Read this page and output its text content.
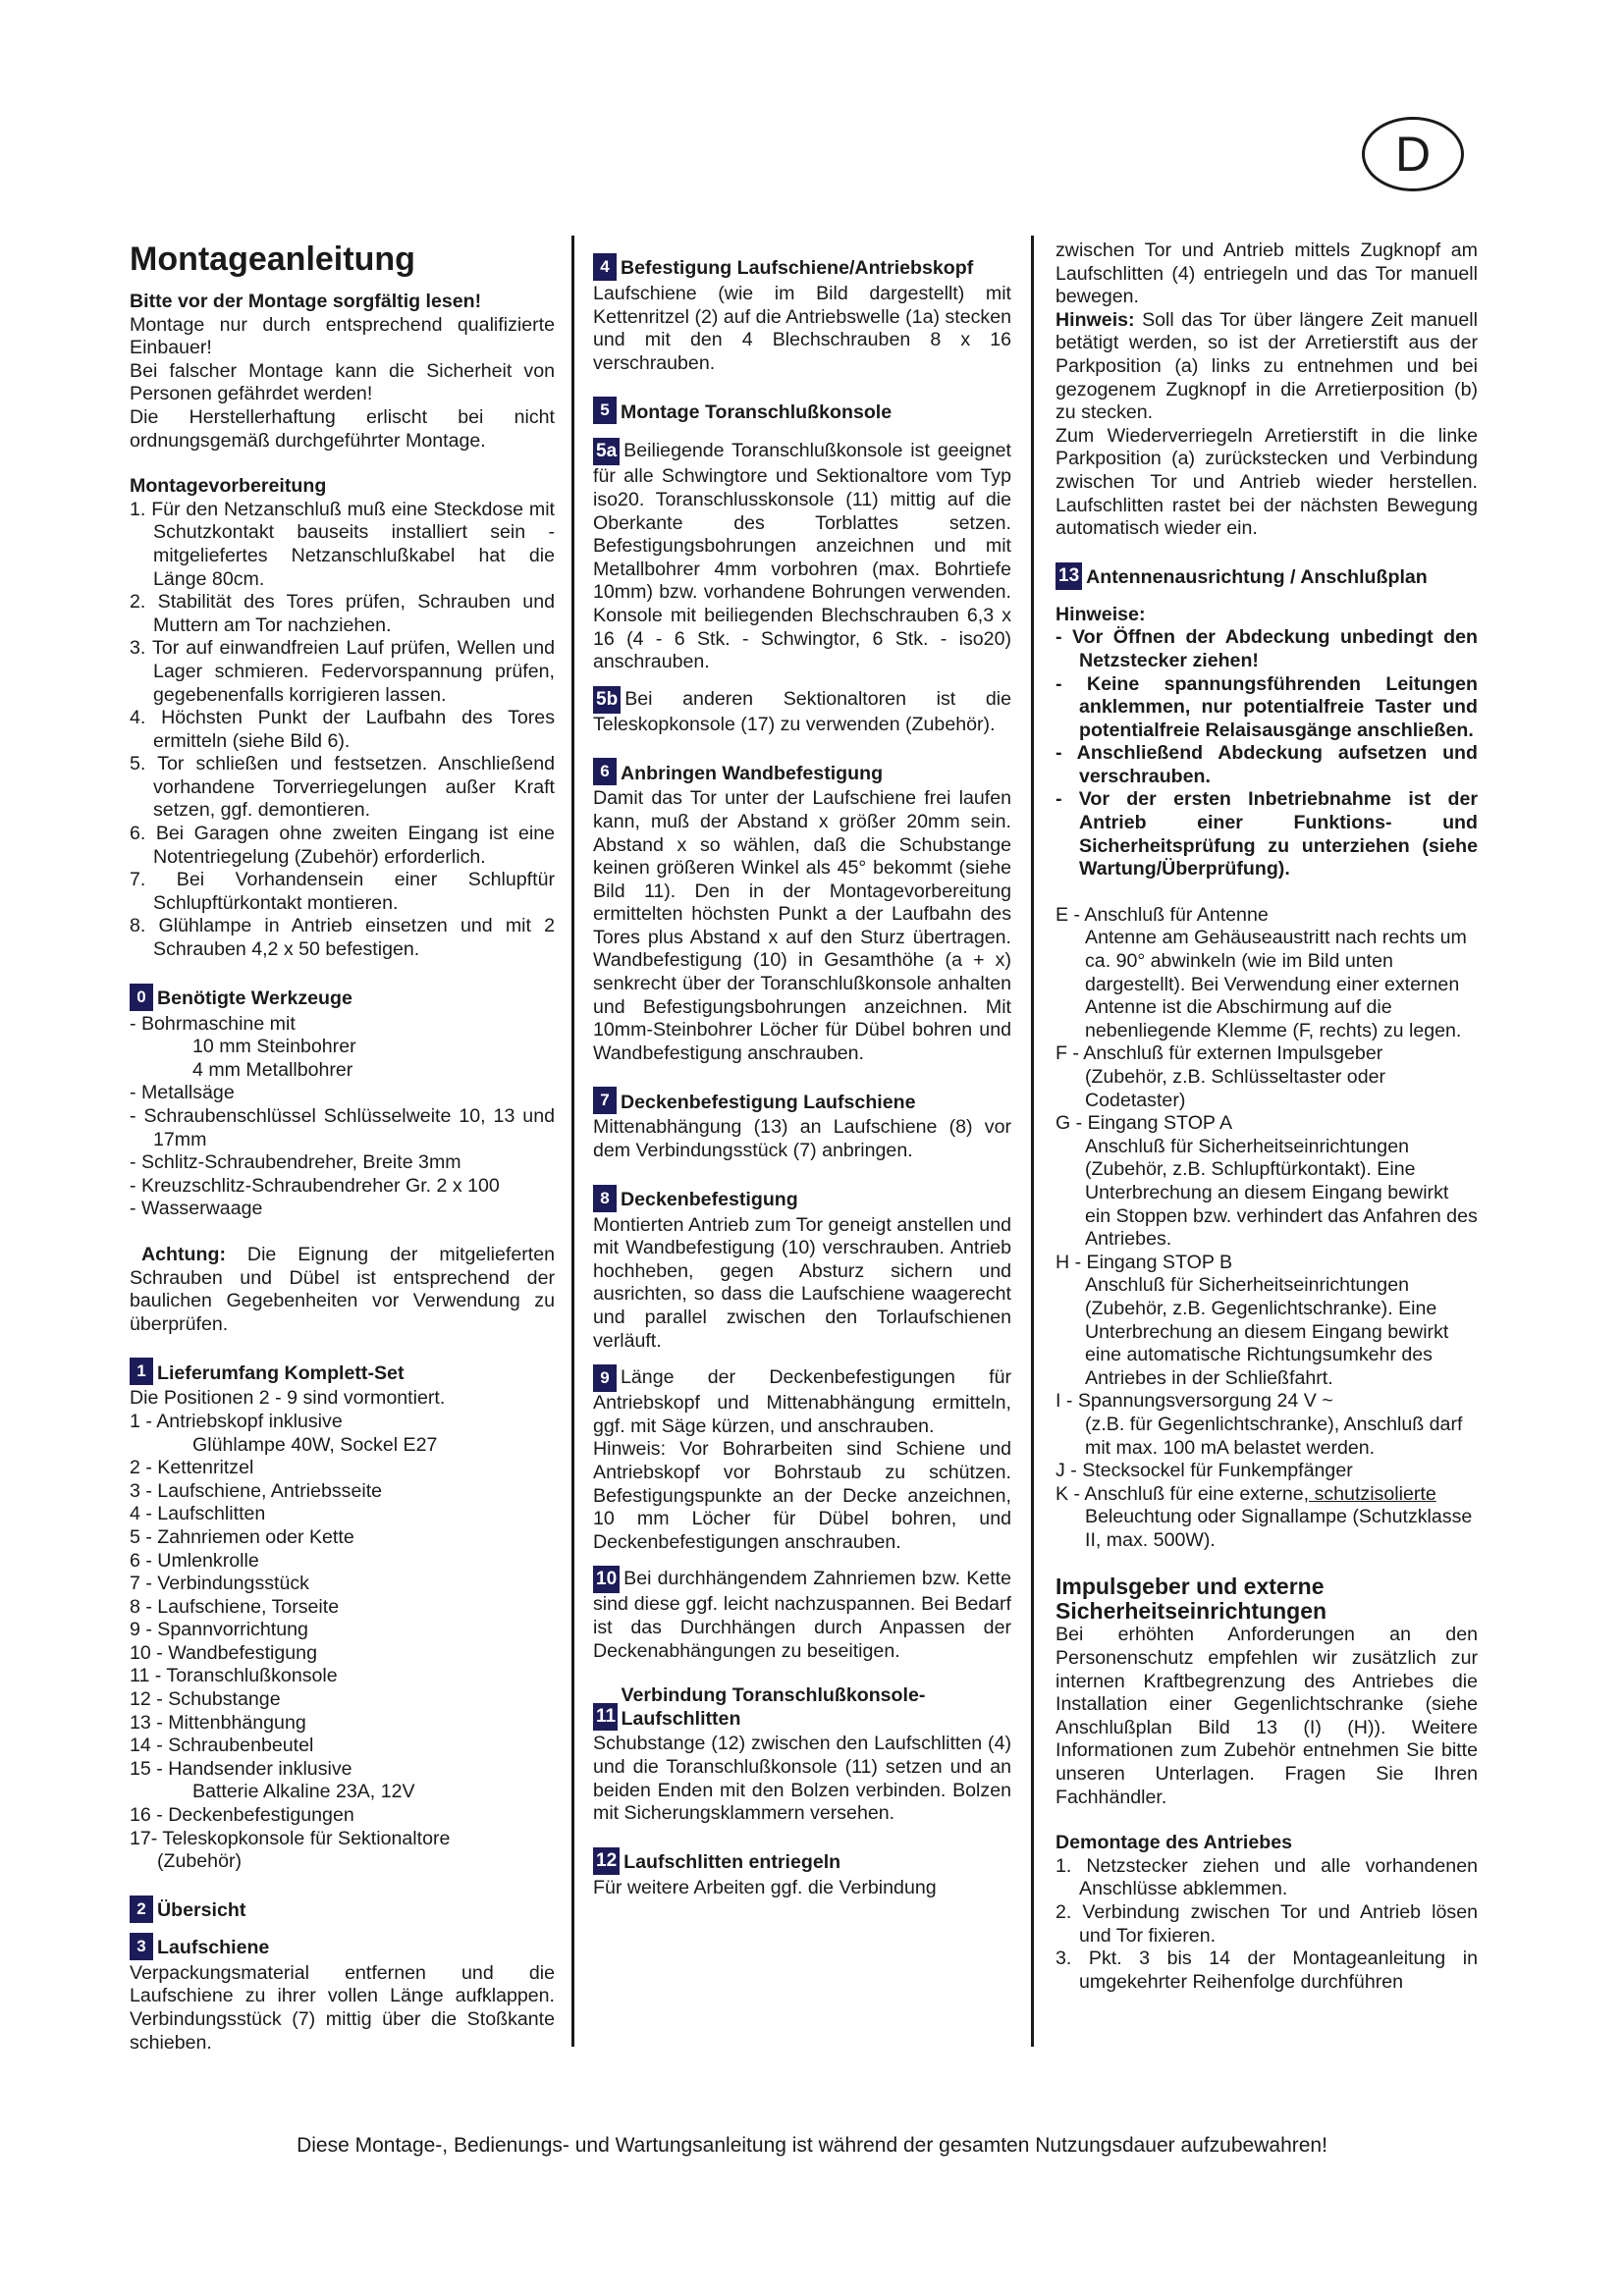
D
Montageanleitung

Bitte vor der Montage sorgfältig lesen!

Montage nur durch entsprechend qualifizierte Einbauer!

Bei falscher Montage kann die Sicherheit von Personen gefährdet werden!

Die Herstellerhaftung erlischt bei nicht ordnungsgemäß durchgeführter Montage.

Montagevorbereitung

1. Für den Netzanschluß muß eine Steckdose mit Schutzkontakt bauseits installiert sein - mitgeliefertes Netzanschlußkabel hat die Länge 80cm.

2. Stabilität des Tores prüfen, Schrauben und Muttern am Tor nachziehen.

3. Tor auf einwandfreien Lauf prüfen, Wellen und Lager schmieren. Federvorspannung prüfen, gegebenenfalls korrigieren lassen.

4. Höchsten Punkt der Laufbahn des Tores ermitteln (siehe Bild 6).

5. Tor schließen und festsetzen. Anschließend vorhandene Torverriegelungen außer Kraft setzen, ggf. demontieren.

6. Bei Garagen ohne zweiten Eingang ist eine Notentriegelung (Zubehör) erforderlich.

7. Bei Vorhandensein einer Schlupftür Schlupftürkontakt montieren.

8. Glühlampe in Antrieb einsetzen und mit 2 Schrauben 4,2 x 50 befestigen.

0 Benötigte Werkzeuge

- Bohrmaschine mit

10 mm Steinbohrer

4 mm Metallbohrer

- Metallsäge

- Schraubenschlüssel Schlüsselweite 10, 13 und 17mm

- Schlitz-Schraubendreher, Breite 3mm

- Kreuzschlitz-Schraubendreher Gr. 2 x 100

- Wasserwaage

Achtung: Die Eignung der mitgelieferten Schrauben und Dübel ist entsprechend der baulichen Gegebenheiten vor Verwendung zu überprüfen.

1 Lieferumfang Komplett-Set

Die Positionen 2 - 9 sind vormontiert.

1 - Antriebskopf inklusive

Glühlampe 40W, Sockel E27

2 - Kettenritzel

3 - Laufschiene, Antriebsseite

4 - Laufschlitten

5 - Zahnriemen oder Kette

6 - Umlenkrolle

7 - Verbindungsstück

8 - Laufschiene, Torseite

9 - Spannvorrichtung

10 - Wandbefestigung

11 - Toranschlußkonsole

12 - Schubstange

13 - Mittenbhängung

14 - Schraubenbeutel

15 - Handsender inklusive

Batterie Alkaline 23A, 12V

16 - Deckenbefestigungen

17- Teleskopkonsole für Sektionaltore

(Zubehör)

2 Übersicht
3 Laufschiene

Verpackungsmaterial entfernen und die Laufschiene zu ihrer vollen Länge aufklappen. Verbindungsstück (7) mittig über die Stoßkante schieben.

4 Befestigung Laufschiene/Antriebskopf

Laufschiene (wie im Bild dargestellt) mit Kettenritzel (2) auf die Antriebswelle (1a) stecken und mit den 4 Blechschrauben 8 x 16 verschrauben.

5 Montage Toranschlußkonsole

5a Beiliegende Toranschlußkonsole ist geeignet für alle Schwingtore und Sektionaltore vom Typ iso20. Toranschlusskonsole (11) mittig auf die Oberkante des Torblattes setzen. Befestigungsbohrungen anzeichnen und mit Metallbohrer 4mm vorbohren (max. Bohrtiefe 10mm) bzw. vorhandene Bohrungen verwenden. Konsole mit beiliegenden Blechschrauben 6,3 x 16 (4 - 6 Stk. - Schwingtor, 6 Stk. - iso20) anschrauben.

5b Bei anderen Sektionaltoren ist die Teleskopkonsole (17) zu verwenden (Zubehör).

6 Anbringen Wandbefestigung

Damit das Tor unter der Laufschiene frei laufen kann, muß der Abstand x größer 20mm sein. Abstand x so wählen, daß die Schubstange keinen größeren Winkel als 45° bekommt (siehe Bild 11). Den in der Montagevorbereitung ermittelten höchsten Punkt a der Laufbahn des Tores plus Abstand x auf den Sturz übertragen. Wandbefestigung (10) in Gesamthöhe (a + x) senkrecht über der Toranschlußkonsole anhalten und Befestigungsbohrungen anzeichnen. Mit 10mm-Steinbohrer Löcher für Dübel bohren und Wandbefestigung anschrauben.

7 Deckenbefestigung Laufschiene

Mittenabhängung (13) an Laufschiene (8) vor dem Verbindungsstück (7) anbringen.

8 Deckenbefestigung

Montierten Antrieb zum Tor geneigt anstellen und mit Wandbefestigung (10) verschrauben. Antrieb hochheben, gegen Absturz sichern und ausrichten, so dass die Laufschiene waagerecht und parallel zwischen den Torlaufschienen verläuft.

9 Länge der Deckenbefestigungen für Antriebskopf und Mittenabhängung ermitteln, ggf. mit Säge kürzen, und anschrauben.

Hinweis: Vor Bohrarbeiten sind Schiene und Antriebskopf vor Bohrstaub zu schützen. Befestigungspunkte an der Decke anzeichnen, 10 mm Löcher für Dübel bohren, und Deckenbefestigungen anschrauben.

10 Bei durchhängendem Zahnriemen bzw. Kette sind diese ggf. leicht nachzuspannen. Bei Bedarf ist das Durchhängen durch Anpassen der Deckenabhängungen zu beseitigen.

11
Verbindung Toranschlußkonsole-Laufschlitten

Schubstange (12) zwischen den Laufschlitten (4) und die Toranschlußkonsole (11) setzen und an beiden Enden mit den Bolzen verbinden. Bolzen mit Sicherungsklammern versehen.

12 Laufschlitten entriegeln

Für weitere Arbeiten ggf. die Verbindung

zwischen Tor und Antrieb mittels Zugknopf am Laufschlitten (4) entriegeln und das Tor manuell bewegen.

Hinweis: Soll das Tor über längere Zeit manuell betätigt werden, so ist der Arretierstift aus der Parkposition (a) links zu entnehmen und bei gezogenem Zugknopf in die Arretierposition (b) zu stecken.

Zum Wiederverriegeln Arretierstift in die linke Parkposition (a) zurückstecken und Verbindung zwischen Tor und Antrieb wieder herstellen. Laufschlitten rastet bei der nächsten Bewegung automatisch wieder ein.

13 Antennenausrichtung / Anschlußplan

Hinweise:

- Vor Öffnen der Abdeckung unbedingt den Netzstecker ziehen!

- Keine spannungsführenden Leitungen anklemmen, nur potentialfreie Taster und potentialfreie Relaisausgänge anschließen.

- Anschließend Abdeckung aufsetzen und verschrauben.

- Vor der ersten Inbetriebnahme ist der Antrieb einer Funktions- und Sicherheitsprüfung zu unterziehen (siehe Wartung/Überprüfung).

E - Anschluß für Antenne

Antenne am Gehäuseaustritt nach rechts um ca. 90° abwinkeln (wie im Bild unten dargestellt). Bei Verwendung einer externen Antenne ist die Abschirmung auf die nebenliegende Klemme (F, rechts) zu legen.

F - Anschluß für externen Impulsgeber

(Zubehör, z.B. Schlüsseltaster oder Codetaster)

G - Eingang STOP A

Anschluß für Sicherheitseinrichtungen (Zubehör, z.B. Schlupftürkontakt). Eine Unterbrechung an diesem Eingang bewirkt ein Stoppen bzw. verhindert das Anfahren des Antriebes.

H - Eingang STOP B

Anschluß für Sicherheitseinrichtungen (Zubehör, z.B. Gegenlichtschranke). Eine Unterbrechung an diesem Eingang bewirkt eine automatische Richtungsumkehr des Antriebes in der Schließfahrt.

I - Spannungsversorgung 24 V ~

(z.B. für Gegenlichtschranke), Anschluß darf mit max. 100 mA belastet werden.

J - Stecksockel für Funkempfänger

K - Anschluß für eine externe, schutzisolierte

Beleuchtung oder Signallampe (Schutzklasse II, max. 500W).

Impulsgeber und externe Sicherheitseinrichtungen

Bei erhöhten Anforderungen an den Personenschutz empfehlen wir zusätzlich zur internen Kraftbegrenzung des Antriebes die Installation einer Gegenlichtschranke (siehe Anschlußplan Bild 13 (I) (H)). Weitere Informationen zum Zubehör entnehmen Sie bitte unseren Unterlagen. Fragen Sie Ihren Fachhändler.

Demontage des Antriebes

1. Netzstecker ziehen und alle vorhandenen Anschlüsse abklemmen.

2. Verbindung zwischen Tor und Antrieb lösen und Tor fixieren.

3. Pkt. 3 bis 14 der Montageanleitung in umgekehrter Reihenfolge durchführen

Diese Montage-, Bedienungs- und Wartungsanleitung ist während der gesamten Nutzungsdauer aufzubewahren!
